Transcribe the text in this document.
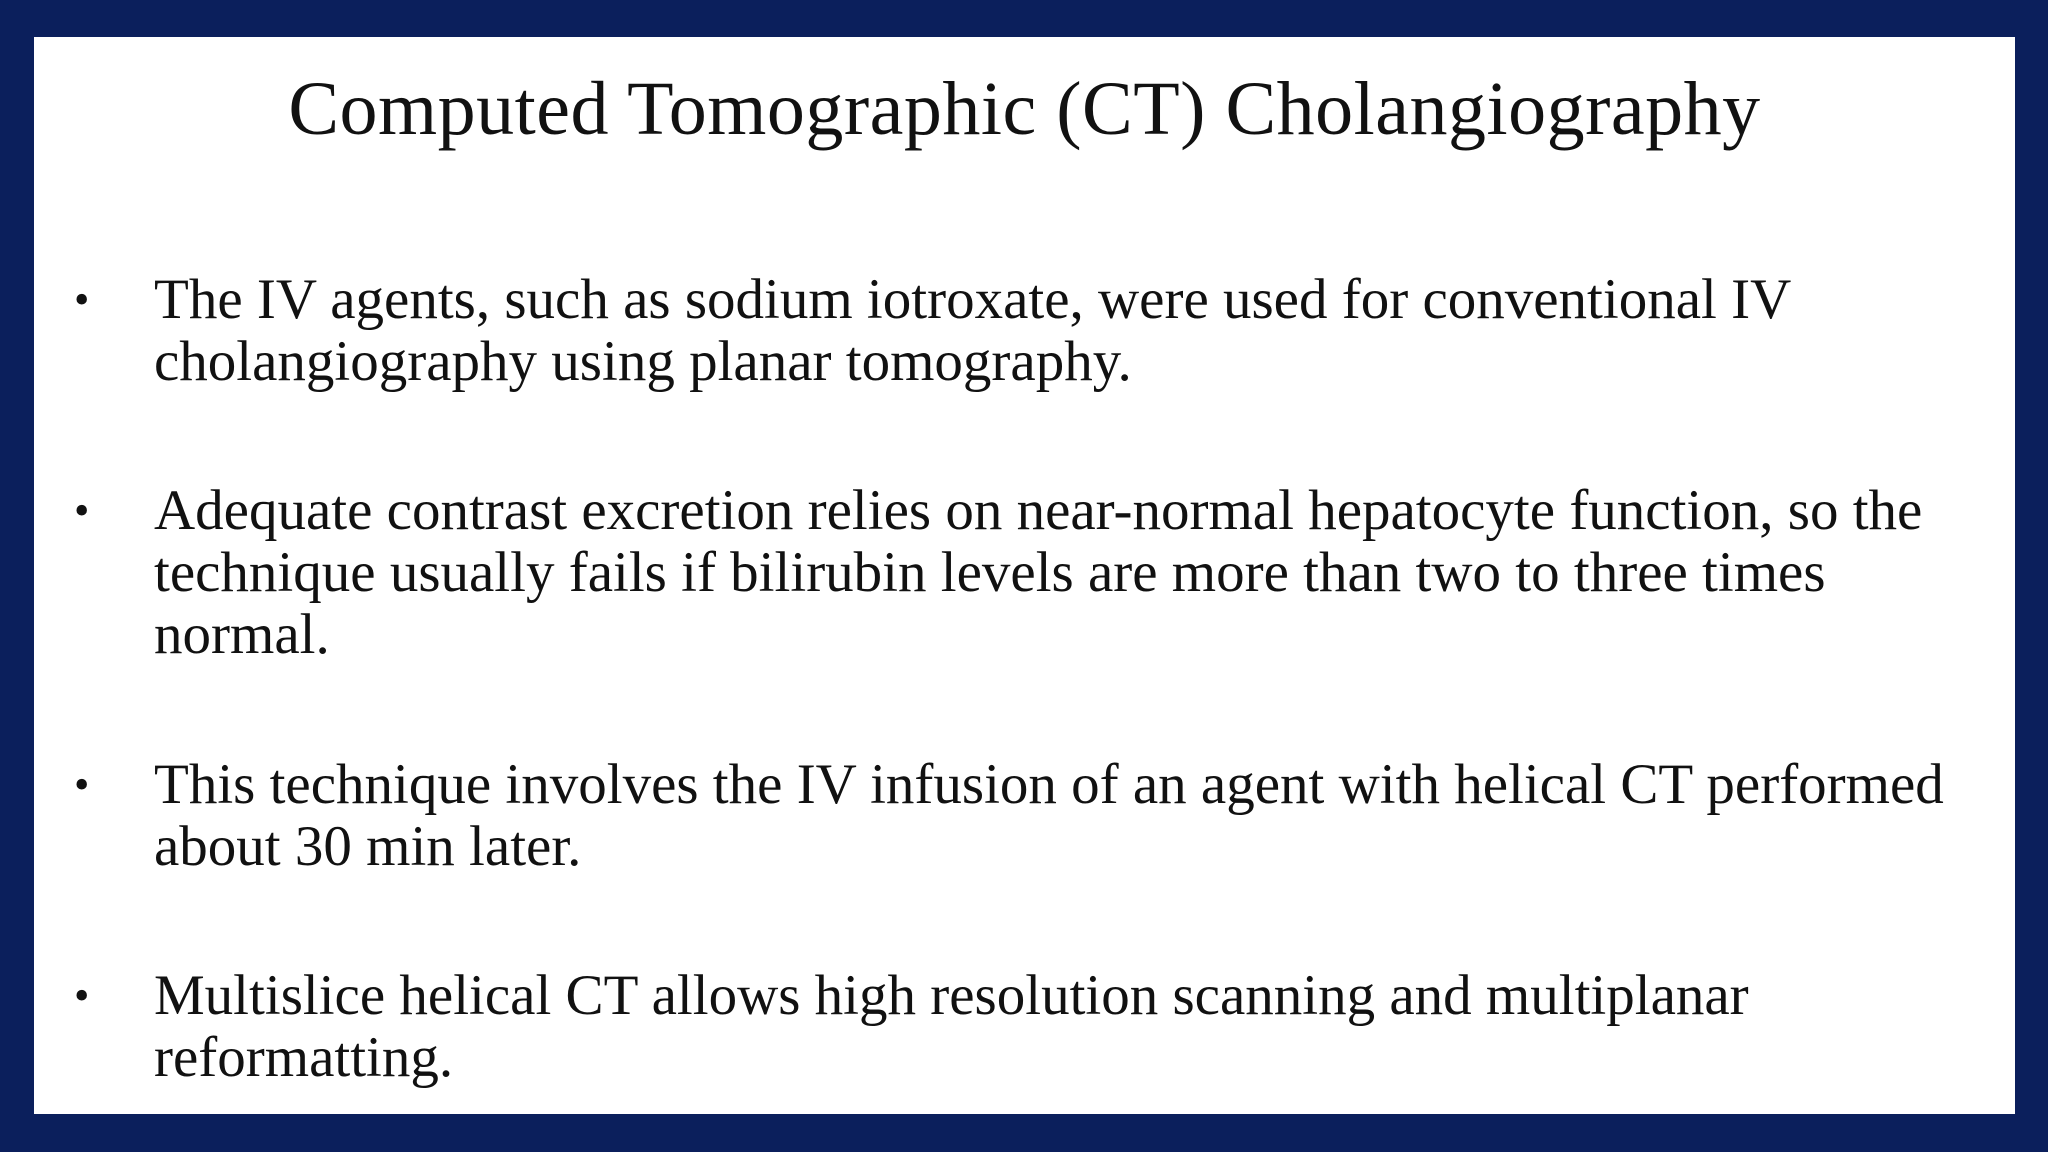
Computed Tomographic (CT) Cholangiography
•	The IV agents, such as sodium iotroxate, were used for conventional IV cholangiography using planar tomography.
•	Adequate contrast excretion relies on near-normal hepatocyte function, so the technique usually fails if bilirubin levels are more than two to three times normal.
•	This technique involves the IV infusion of an agent with helical CT performed about 30 min later.
•	Multislice helical CT allows high resolution scanning and multiplanar reformatting.
